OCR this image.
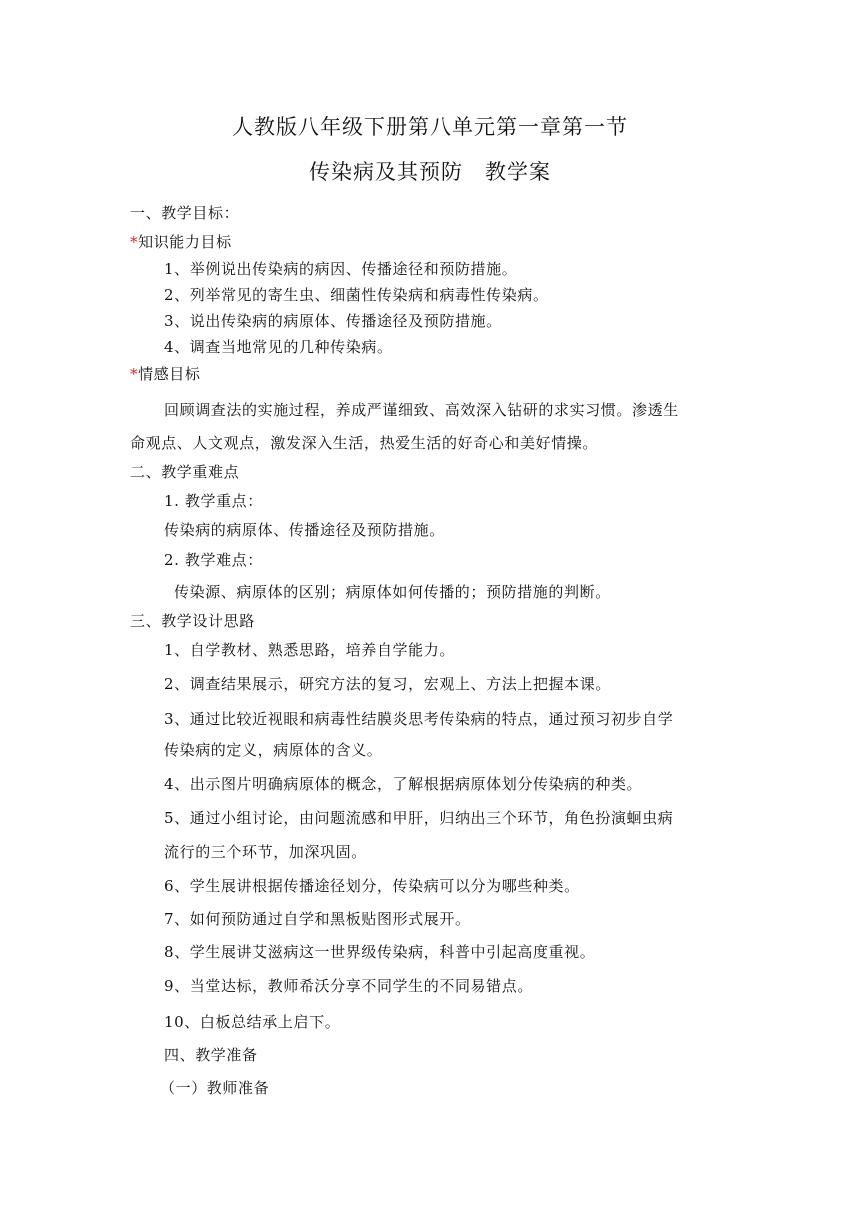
人教版八年级下册第八单元第一章第一节
传染病及其预防　教学案
一、教学目标：
*知识能力目标
1、举例说出传染病的病因、传播途径和预防措施。
2、列举常见的寄生虫、细菌性传染病和病毒性传染病。
3、说出传染病的病原体、传播途径及预防措施。
4、调查当地常见的几种传染病。
*情感目标
回顾调查法的实施过程，养成严谨细致、高效深入钻研的求实习惯。渗透生
命观点、人文观点，激发深入生活，热爱生活的好奇心和美好情操。
二、教学重难点
1. 教学重点：
传染病的病原体、传播途径及预防措施。
2. 教学难点：
传染源、病原体的区别；病原体如何传播的；预防措施的判断。
三、教学设计思路
1、自学教材、熟悉思路，培养自学能力。
2、调查结果展示，研究方法的复习，宏观上、方法上把握本课。
3、通过比较近视眼和病毒性结膜炎思考传染病的特点，通过预习初步自学
传染病的定义，病原体的含义。
4、出示图片明确病原体的概念，了解根据病原体划分传染病的种类。
5、通过小组讨论，由问题流感和甲肝，归纳出三个环节，角色扮演蛔虫病
流行的三个环节，加深巩固。
6、学生展讲根据传播途径划分，传染病可以分为哪些种类。
7、如何预防通过自学和黑板贴图形式展开。
8、学生展讲艾滋病这一世界级传染病，科普中引起高度重视。
9、当堂达标，教师希沃分享不同学生的不同易错点。
10、白板总结承上启下。
四、教学准备
（一）教师准备
